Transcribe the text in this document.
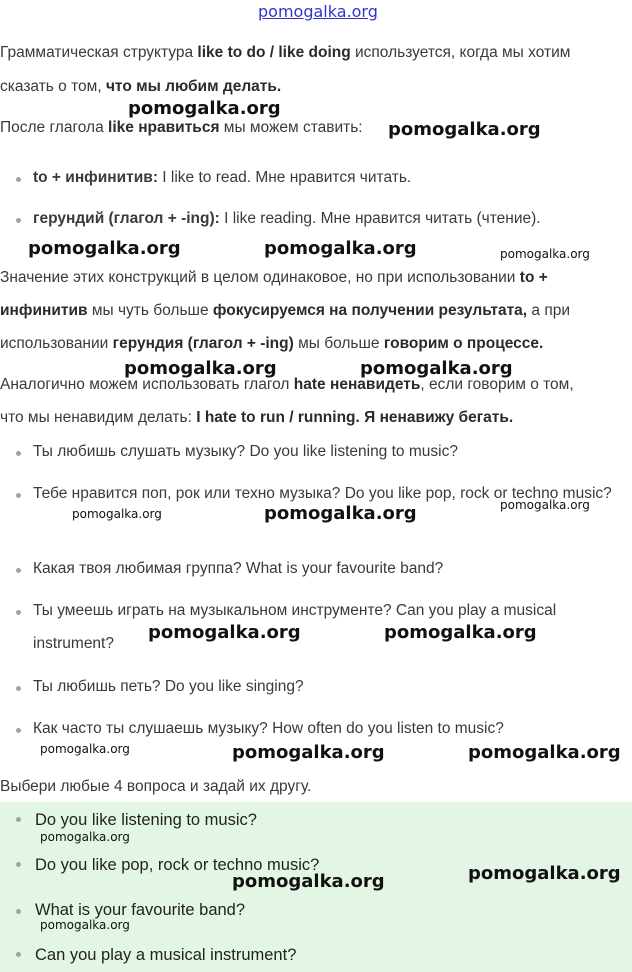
pomogalka.org

Грамматическая структура like to do / like doing используется, когда мы хотим

сказать о том, что мы любим делать.

После глагола like нравиться мы можем ставить:

to + инфинитив: I like to read. Мне нравится читать.

герундий (глагол + -ing): I like reading. Мне нравится читать (чтение).

Значение этих конструкций в целом одинаковое, но при использовании to +

инфинитив мы чуть больше фокусируемся на получении результата, а при

использовании герундия (глагол + -ing) мы больше говорим о процессе.

Аналогично можем использовать глагол hate ненавидеть, если говорим о том,

что мы ненавидим делать: I hate to run / running. Я ненавижу бегать.

Ты любишь слушать музыку? Do you like listening to music?

Тебе нравится поп, рок или техно музыка? Do you like pop, rock or techno music?

Какая твоя любимая группа? What is your favourite band?

Ты умеешь играть на музыкальном инструменте? Can you play a musical instrument?

Ты любишь петь? Do you like singing?

Как часто ты слушаешь музыку? How often do you listen to music?

Выбери любые 4 вопроса и задай их другу.

Do you like listening to music?
Do you like pop, rock or techno music?
What is your favourite band?
Can you play a musical instrument?
pomogalka.org
pomogalka.org
pomogalka.org	pomogalka.org	pomogalka.org
pomogalka.org	pomogalka.org
pomogalka.org	pomogalka.org	pomogalka.org
pomogalka.org	pomogalka.org
pomogalka.org	pomogalka.org	pomogalka.org
pomogalka.org
pomogalka.org	pomogalka.org
pomogalka.org
